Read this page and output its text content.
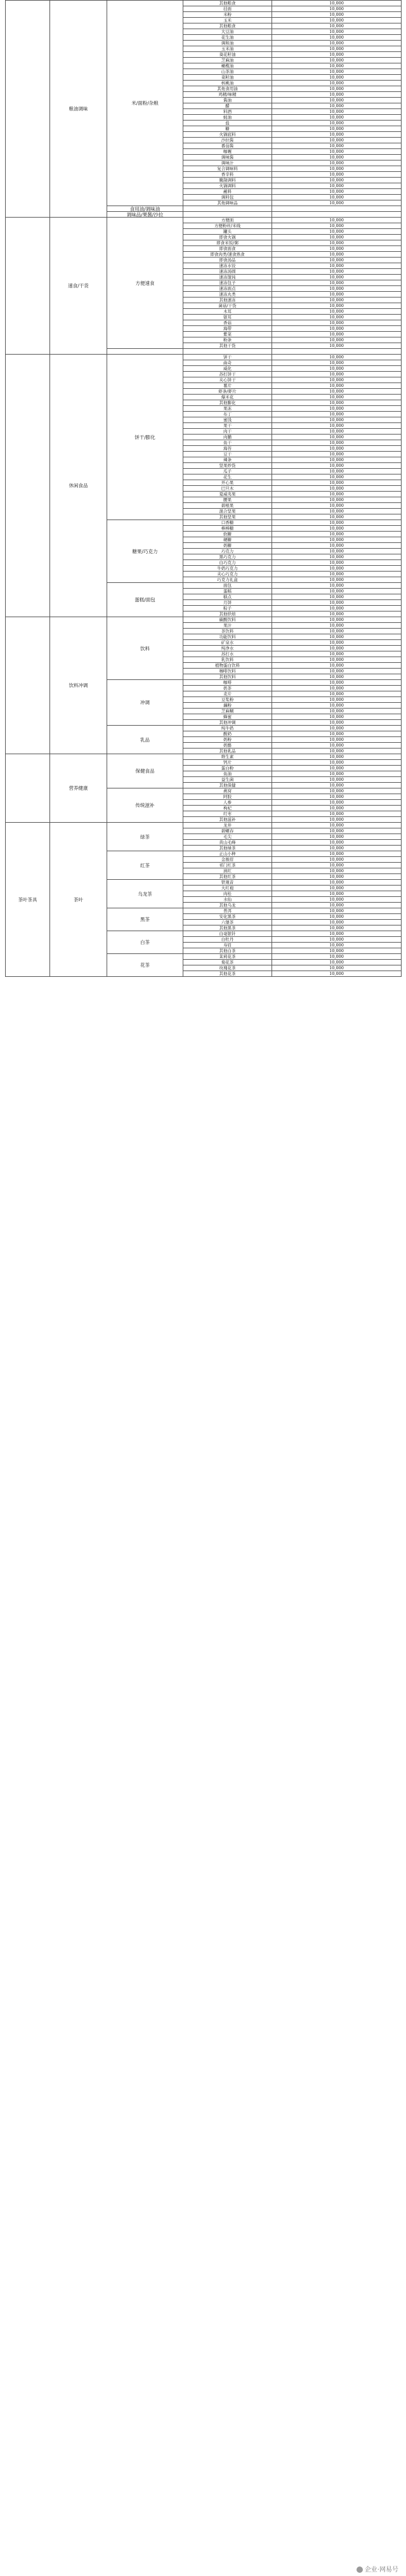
	粮油调味	米/面粉/杂粮	其他粮食	10,000
			挂面	10,000
			米粉	10,000
			玉米	10,000
			其他粮食	10,000
			大豆油	10,000
			花生油	10,000
			调和油	10,000
			玉米油	10,000
			葵花籽油	10,000
			芝麻油	10,000
			橄榄油	10,000
			山茶油	10,000
			菜籽油	10,000
			核桃油	10,000
			其他食用油	10,000
			鸡精/味精	10,000
			酱油	10,000
			醋	10,000
			料酒	10,000
			蚝油	10,000
			盐	10,000
			糖	10,000
			火锅底料	10,000
			沙拉酱	10,000
			番茄酱	10,000
			咖喱	10,000
			调味酱	10,000
			调味汁	10,000
			复合调味料	10,000
			香辛料	10,000
			腌制调料	10,000
			火锅调料	10,000
			蘸料	10,000
			调料包	10,000
			其他调味品	10,000
		食用油/调味油		
		调味品/果酱/沙拉		
	速食/干货	方便速食	方便面	10,000
			方便粉丝/米线	10,000
			罐头	10,000
			即食火锅	10,000
			即食米饭/粥	10,000
			即食面食	10,000
			即食肉类/速食熟食	10,000
			即食汤品	10,000
			速冻水饺	10,000
			速冻汤圆	10,000
			速冻馄饨	10,000
			速冻包子	10,000
			速冻面点	10,000
			速冻丸类	10,000
			其他速冻	10,000
			菌菇/干货	10,000
			木耳	10,000
			银耳	10,000
			香菇	10,000
			海带	10,000
			紫菜	10,000
			粉条	10,000
			其他干货	10,000

	休闲食品	饼干/膨化	饼干	10,000
			曲奇	10,000
			威化	10,000
			苏打饼干	10,000
			夹心饼干	10,000
			薯片	10,000
			虾条/虾片	10,000
			爆米花	10,000
			其他膨化	10,000
			果冻	10,000
			布丁	10,000
			蜜饯	10,000
			果干	10,000
			肉干	10,000
			肉脯	10,000
			鱼干	10,000
			海苔	10,000
			豆干	10,000
			辣条	10,000
			坚果炒货	10,000
			瓜子	10,000
			花生	10,000
			开心果	10,000
			巴旦木	10,000
			夏威夷果	10,000
			腰果	10,000
			碧根果	10,000
			混合坚果	10,000
			其他坚果	10,000
		糖果/巧克力	口香糖	10,000
			棒棒糖	10,000
			软糖	10,000
			硬糖	10,000
			奶糖	10,000
			巧克力	10,000
			黑巧克力	10,000
			白巧克力	10,000
			牛奶巧克力	10,000
			夹心巧克力	10,000
			巧克力礼盒	10,000
		蛋糕/面包	面包	10,000
			蛋糕	10,000
			糕点	10,000
			月饼	10,000
			粽子	10,000
			其他烘焙	10,000
	饮料冲调	饮料	碳酸饮料	10,000
			果汁	10,000
			茶饮料	10,000
			功能饮料	10,000
			矿泉水	10,000
			纯净水	10,000
			苏打水	10,000
			乳饮料	10,000
			植物蛋白饮料	10,000
			咖啡饮料	10,000
			其他饮料	10,000
		冲调	咖啡	10,000
			奶茶	10,000
			麦片	10,000
			豆浆粉	10,000
			藕粉	10,000
			芝麻糊	10,000
			蜂蜜	10,000
			其他冲调	10,000
		乳品	纯牛奶	10,000
			酸奶	10,000
			奶粉	10,000
			奶酪	10,000
			其他乳品	10,000
	营养健康	保健食品	维生素	10,000
			钙片	10,000
			蛋白粉	10,000
			鱼油	10,000
			益生菌	10,000
			其他保健	10,000
		传统滋补	燕窝	10,000
			阿胶	10,000
			人参	10,000
			枸杞	10,000
			红枣	10,000
			其他滋补	10,000
茶叶茶具	茶叶	绿茶	龙井	10,000
			碧螺春	10,000
			毛尖	10,000
			黄山毛峰	10,000
			其他绿茶	10,000
		红茶	正山小种	10,000
			金骏眉	10,000
			祁门红茶	10,000
			滇红	10,000
			其他红茶	10,000
		乌龙茶	铁观音	10,000
			大红袍	10,000
			肉桂	10,000
			水仙	10,000
			其他乌龙	10,000
		黑茶	普洱	10,000
			安化黑茶	10,000
			六堡茶	10,000
			其他黑茶	10,000
		白茶	白毫银针	10,000
			白牡丹	10,000
			寿眉	10,000
			其他白茶	10,000
		花茶	茉莉花茶	10,000
			菊花茶	10,000
			玫瑰花茶	10,000
			其他花茶	10,000
企业·网易号
